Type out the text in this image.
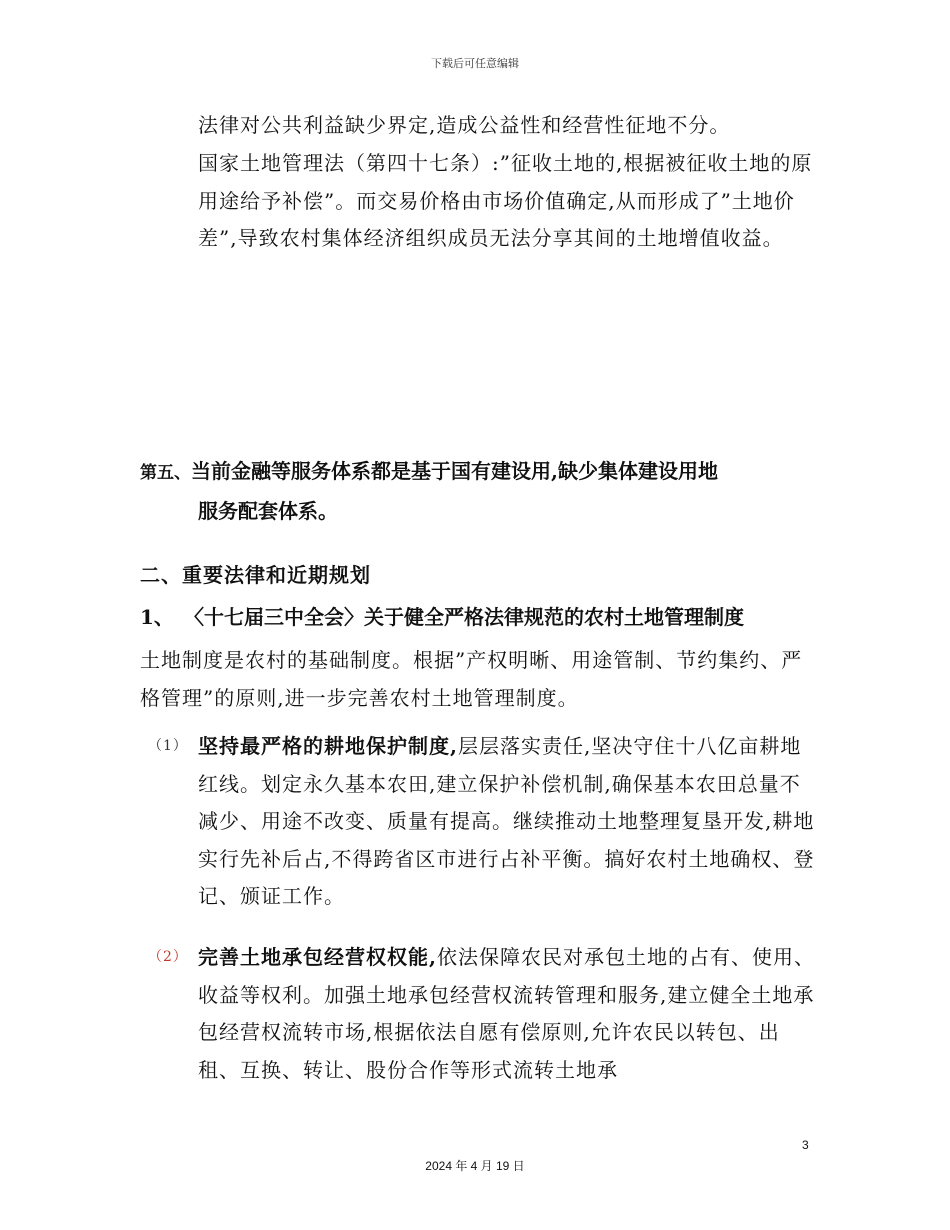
下载后可任意编辑
法律对公共利益缺少界定,造成公益性和经营性征地不分。
国家土地管理法（第四十七条）:”征收土地的,根据被征收土地的原用途给予补偿”。而交易价格由市场价值确定,从而形成了”土地价差”,导致农村集体经济组织成员无法分享其间的土地增值收益。
第五、当前金融等服务体系都是基于国有建设用,缺少集体建设用地
服务配套体系。
二、重要法律和近期规划
1、 〈十七届三中全会〉关于健全严格法律规范的农村土地管理制度
土地制度是农村的基础制度。根据”产权明晰、用途管制、节约集约、严格管理”的原则,进一步完善农村土地管理制度。
（1） 坚持最严格的耕地保护制度,层层落实责任,坚决守住十八亿亩耕地红线。划定永久基本农田,建立保护补偿机制,确保基本农田总量不减少、用途不改变、质量有提高。继续推动土地整理复垦开发,耕地实行先补后占,不得跨省区市进行占补平衡。搞好农村土地确权、登记、颁证工作。
（2） 完善土地承包经营权权能,依法保障农民对承包土地的占有、使用、收益等权利。加强土地承包经营权流转管理和服务,建立健全土地承包经营权流转市场,根据依法自愿有偿原则,允许农民以转包、出租、互换、转让、股份合作等形式流转土地承
3
2024 年 4 月 19 日
